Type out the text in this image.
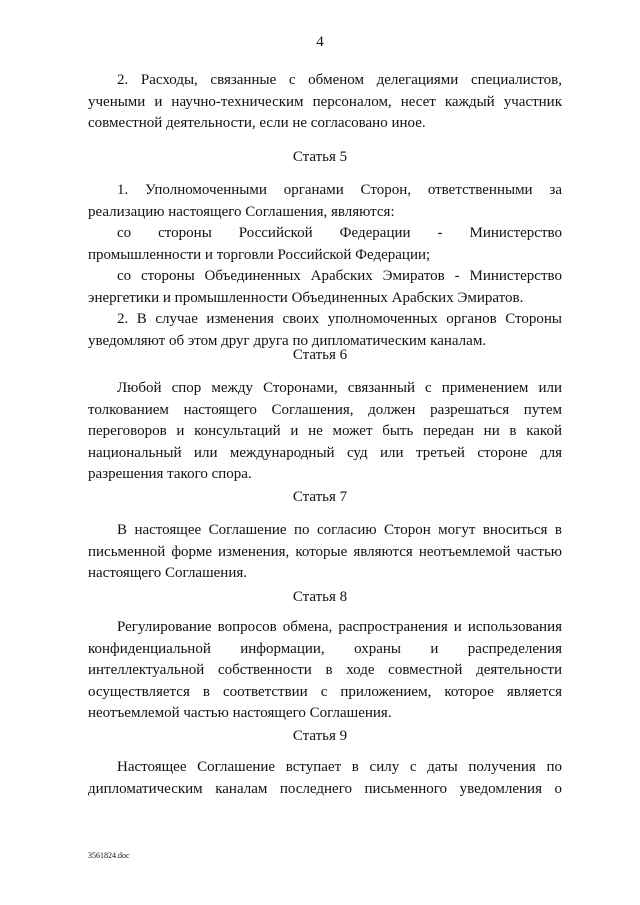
4

2. Расходы, связанные с обменом делегациями специалистов, учеными и научно-техническим персоналом, несет каждый участник совместной деятельности, если не согласовано иное.

Статья 5

1. Уполномоченными органами Сторон, ответственными за реализацию настоящего Соглашения, являются:

со стороны Российской Федерации - Министерство промышленности и торговли Российской Федерации;

со стороны Объединенных Арабских Эмиратов - Министерство энергетики и промышленности Объединенных Арабских Эмиратов.

2. В случае изменения своих уполномоченных органов Стороны уведомляют об этом друг друга по дипломатическим каналам.

Статья 6

Любой спор между Сторонами, связанный с применением или толкованием настоящего Соглашения, должен разрешаться путем переговоров и консультаций и не может быть передан ни в какой национальный или международный суд или третьей стороне для разрешения такого спора.

Статья 7

В настоящее Соглашение по согласию Сторон могут вноситься в письменной форме изменения, которые являются неотъемлемой частью настоящего Соглашения.

Статья 8

Регулирование вопросов обмена, распространения и использования конфиденциальной информации, охраны и распределения интеллектуальной собственности в ходе совместной деятельности осуществляется в соответствии с приложением, которое является неотъемлемой частью настоящего Соглашения.

Статья 9

Настоящее Соглашение вступает в силу с даты получения по дипломатическим каналам последнего письменного уведомления о

3561824.doc
